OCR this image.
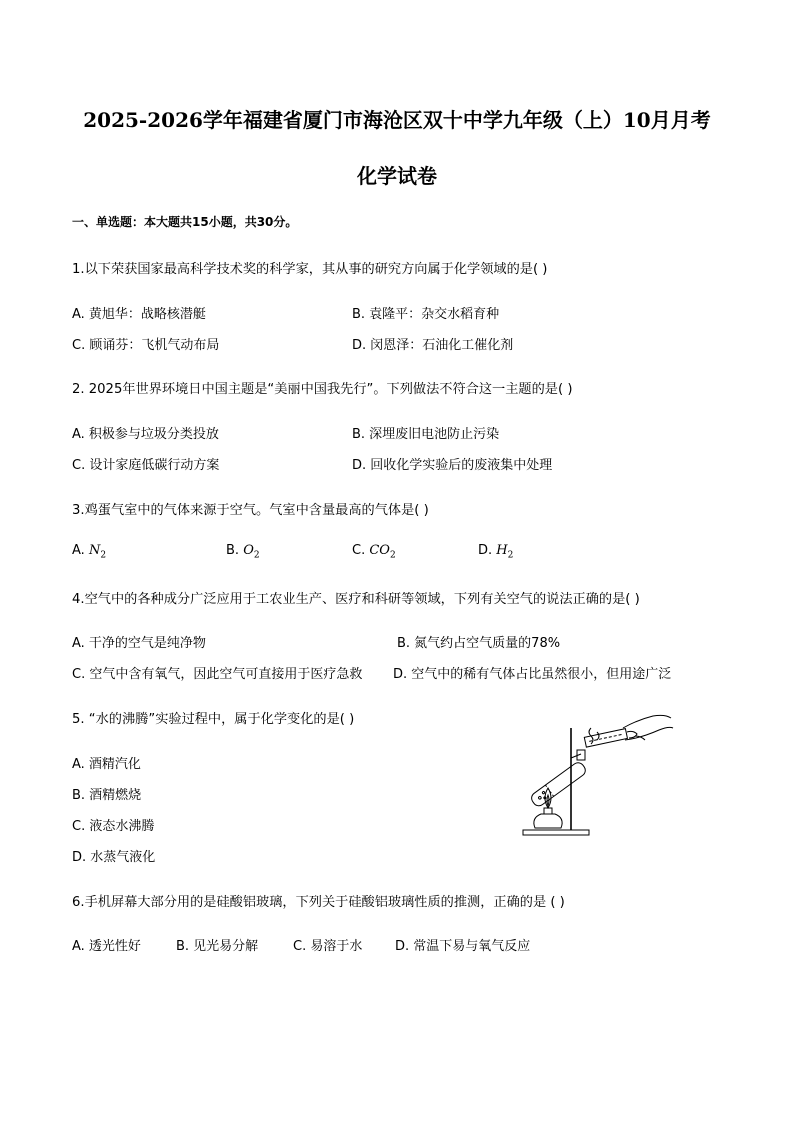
2025-2026学年福建省厦门市海沧区双十中学九年级（上）10月月考
化学试卷
一、单选题：本大题共15小题，共30分。
1.以下荣获国家最高科学技术奖的科学家，其从事的研究方向属于化学领域的是( )
A. 黄旭华：战略核潜艇	B. 袁隆平：杂交水稻育种
C. 顾诵芬：飞机气动布局	D. 闵恩泽：石油化工催化剂
2. 2025年世界环境日中国主题是“美丽中国我先行”。下列做法不符合这一主题的是( )
A. 积极参与垃圾分类投放	B. 深埋废旧电池防止污染
C. 设计家庭低碳行动方案	D. 回收化学实验后的废液集中处理
3.鸡蛋气室中的气体来源于空气。气室中含量最高的气体是( )
A. $N_2$	B. $O_2$	C. $CO_2$	D. $H_2$
4.空气中的各种成分广泛应用于工农业生产、医疗和科研等领域，下列有关空气的说法正确的是( )
A. 干净的空气是纯净物	B. 氮气约占空气质量的78%
C. 空气中含有氧气，因此空气可直接用于医疗急救 D. 空气中的稀有气体占比虽然很小，但用途广泛
5. “水的沸腾”实验过程中，属于化学变化的是( )
A. 酒精汽化
B. 酒精燃烧
C. 液态水沸腾
D. 水蒸气液化
6.手机屏幕大部分用的是硅酸铝玻璃，下列关于硅酸铝玻璃性质的推测，正确的是 ( )
A. 透光性好	B. 见光易分解	C. 易溶于水	D. 常温下易与氧气反应
